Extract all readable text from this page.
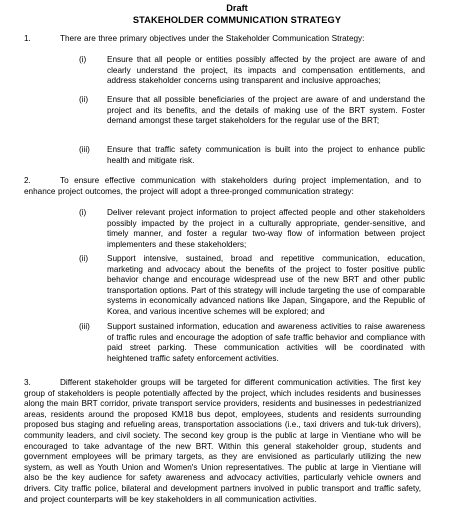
Draft
STAKEHOLDER COMMUNICATION STRATEGY
1.	There are three primary objectives under the Stakeholder Communication Strategy:
(i)	Ensure that all people or entities possibly affected by the project are aware of and clearly understand the project, its impacts and compensation entitlements, and address stakeholder concerns using transparent and inclusive approaches;
(ii) Ensure that all possible beneficiaries of the project are aware of and understand the project and its benefits, and the details of making use of the BRT system. Foster demand amongst these target stakeholders for the regular use of the BRT;
(iii) Ensure that traffic safety communication is built into the project to enhance public health and mitigate risk.
2.	To ensure effective communication with stakeholders during project implementation, and to enhance project outcomes, the project will adopt a three-pronged communication strategy:
(i)	Deliver relevant project information to project affected people and other stakeholders possibly impacted by the project in a culturally appropriate, gender-sensitive, and timely manner, and foster a regular two-way flow of information between project implementers and these stakeholders;
(ii) Support intensive, sustained, broad and repetitive communication, education, marketing and advocacy about the benefits of the project to foster positive public behavior change and encourage widespread use of the new BRT and other public transportation options. Part of this strategy will include targeting the use of comparable systems in economically advanced nations like Japan, Singapore, and the Republic of Korea, and various incentive schemes will be explored; and
(iii) Support sustained information, education and awareness activities to raise awareness of traffic rules and encourage the adoption of safe traffic behavior and compliance with paid street parking. These communication activities will be coordinated with heightened traffic safety enforcement activities.
3.	Different stakeholder groups will be targeted for different communication activities. The first key group of stakeholders is people potentially affected by the project, which includes residents and businesses along the main BRT corridor, private transport service providers, residents and businesses in pedestrianized areas, residents around the proposed KM18 bus depot, employees, students and residents surrounding proposed bus staging and refueling areas, transportation associations (i.e., taxi drivers and tuk-tuk drivers), community leaders, and civil society. The second key group is the public at large in Vientiane who will be encouraged to take advantage of the new BRT. Within this general stakeholder group, students and government employees will be primary targets, as they are envisioned as particularly utilizing the new system, as well as Youth Union and Women's Union representatives. The public at large in Vientiane will also be the key audience for safety awareness and advocacy activities, particularly vehicle owners and drivers. City traffic police, bilateral and development partners involved in public transport and traffic safety, and project counterparts will be key stakeholders in all communication activities.
